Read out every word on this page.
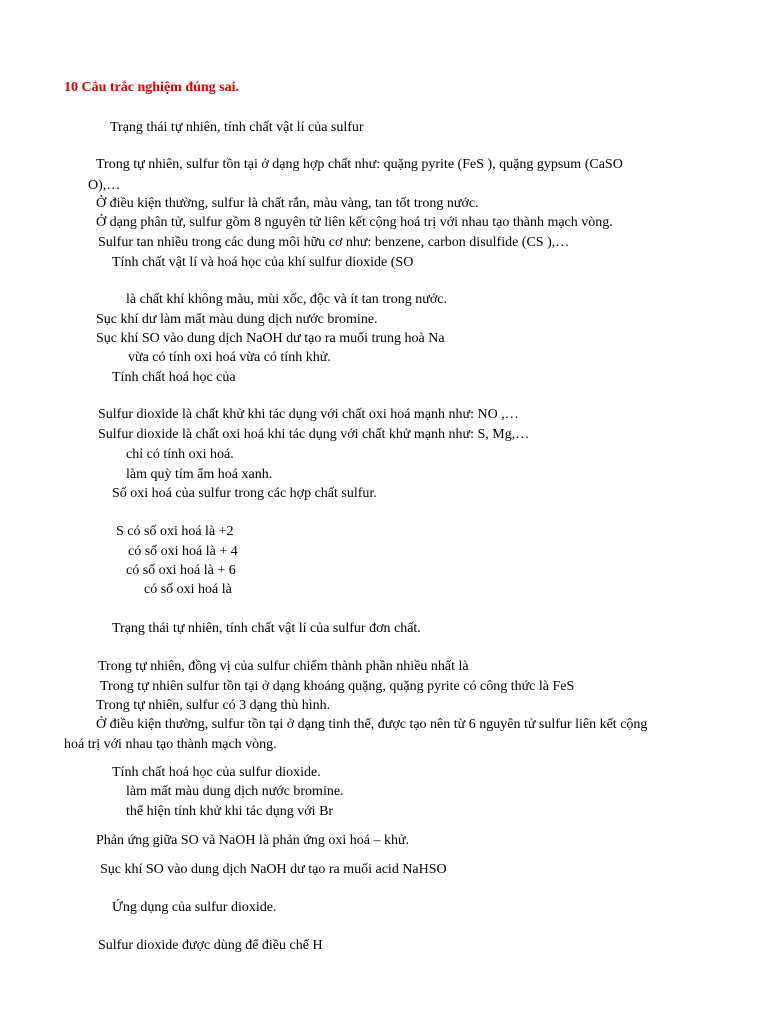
10 Câu trắc nghiệm đúng sai.
Trạng thái tự nhiên, tính chất vật lí của sulfur
Trong tự nhiên, sulfur tồn tại ở dạng hợp chất như: quặng pyrite (FeS ), quặng gypsum (CaSO
O),…
Ở điều kiện thường, sulfur là chất rắn, màu vàng, tan tốt trong nước.
Ở dạng phân tử, sulfur gồm 8 nguyên tử liên kết cộng hoá trị với nhau tạo thành mạch vòng.
Sulfur tan nhiều trong các dung môi hữu cơ như: benzene, carbon disulfide (CS ),…
Tính chất vật lí và hoá học của khí sulfur dioxide (SO
là chất khí không màu, mùi xốc, độc và ít tan trong nước.
Sục khí dư làm mất màu dung dịch nước bromine.
Sục khí SO vào dung dịch NaOH dư tạo ra muối trung hoà Na
vừa có tính oxi hoá vừa có tính khử.
Tính chất hoá học của
Sulfur dioxide là chất khử khi tác dụng với chất oxi hoá mạnh như: NO ,…
Sulfur dioxide là chất oxi hoá khi tác dụng với chất khử mạnh như: S, Mg,…
chỉ có tính oxi hoá.
làm quỳ tím ẩm hoá xanh.
Số oxi hoá của sulfur trong các hợp chất sulfur.
S có số oxi hoá là +2
có số oxi hoá là + 4
có số oxi hoá là + 6
có số oxi hoá là
Trạng thái tự nhiên, tính chất vật lí của sulfur đơn chất.
Trong tự nhiên, đồng vị của sulfur chiếm thành phần nhiều nhất là
Trong tự nhiên sulfur tồn tại ở dạng khoáng quặng, quặng pyrite có công thức là FeS
Trong tự nhiên, sulfur có 3 dạng thù hình.
Ở điều kiện thường, sulfur tồn tại ở dạng tinh thể, được tạo nên từ 6 nguyên tử sulfur liên kết cộng
hoá trị với nhau tạo thành mạch vòng.
Tính chất hoá học của sulfur dioxide.
làm mất màu dung dịch nước bromine.
thể hiện tính khử khi tác dụng với Br
Phản ứng giữa SO và NaOH là phản ứng oxi hoá – khử.
Sục khí SO vào dung dịch NaOH dư tạo ra muối acid NaHSO
Ứng dụng của sulfur dioxide.
Sulfur dioxide được dùng để điều chế H
